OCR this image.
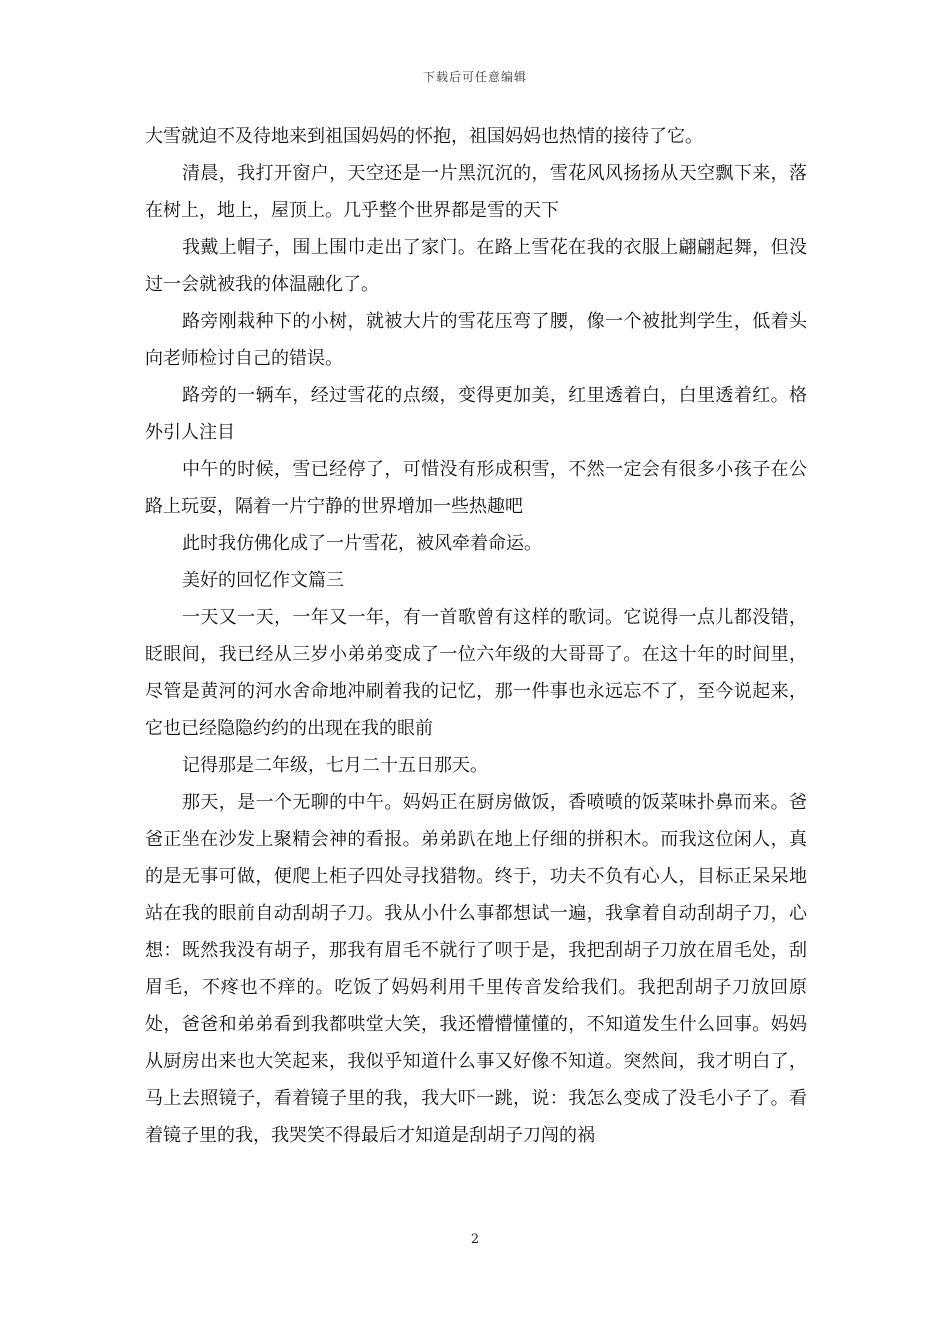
下载后可任意编辑

大雪就迫不及待地来到祖国妈妈的怀抱，祖国妈妈也热情的接待了它。

清晨，我打开窗户，天空还是一片黑沉沉的，雪花风风扬扬从天空飘下来，落在树上，地上，屋顶上。几乎整个世界都是雪的天下

我戴上帽子，围上围巾走出了家门。在路上雪花在我的衣服上翩翩起舞，但没过一会就被我的体温融化了。

路旁刚栽种下的小树，就被大片的雪花压弯了腰，像一个被批判学生，低着头向老师检讨自己的错误。

路旁的一辆车，经过雪花的点缀，变得更加美，红里透着白，白里透着红。格外引人注目

中午的时候，雪已经停了，可惜没有形成积雪，不然一定会有很多小孩子在公路上玩耍，隔着一片宁静的世界增加一些热趣吧

此时我仿佛化成了一片雪花，被风牵着命运。

美好的回忆作文篇三

一天又一天，一年又一年，有一首歌曾有这样的歌词。它说得一点儿都没错，眨眼间，我已经从三岁小弟弟变成了一位六年级的大哥哥了。在这十年的时间里，尽管是黄河的河水舍命地冲刷着我的记忆，那一件事也永远忘不了，至今说起来，它也已经隐隐约约的出现在我的眼前

记得那是二年级，七月二十五日那天。

那天，是一个无聊的中午。妈妈正在厨房做饭，香喷喷的饭菜味扑鼻而来。爸爸正坐在沙发上聚精会神的看报。弟弟趴在地上仔细的拼积木。而我这位闲人，真的是无事可做，便爬上柜子四处寻找猎物。终于，功夫不负有心人，目标正呆呆地站在我的眼前自动刮胡子刀。我从小什么事都想试一遍，我拿着自动刮胡子刀，心想：既然我没有胡子，那我有眉毛不就行了呗于是，我把刮胡子刀放在眉毛处，刮眉毛，不疼也不痒的。吃饭了妈妈利用千里传音发给我们。我把刮胡子刀放回原处，爸爸和弟弟看到我都哄堂大笑，我还懵懵懂懂的，不知道发生什么回事。妈妈从厨房出来也大笑起来，我似乎知道什么事又好像不知道。突然间，我才明白了，马上去照镜子，看着镜子里的我，我大吓一跳，说：我怎么变成了没毛小子了。看着镜子里的我，我哭笑不得最后才知道是刮胡子刀闯的祸

2
